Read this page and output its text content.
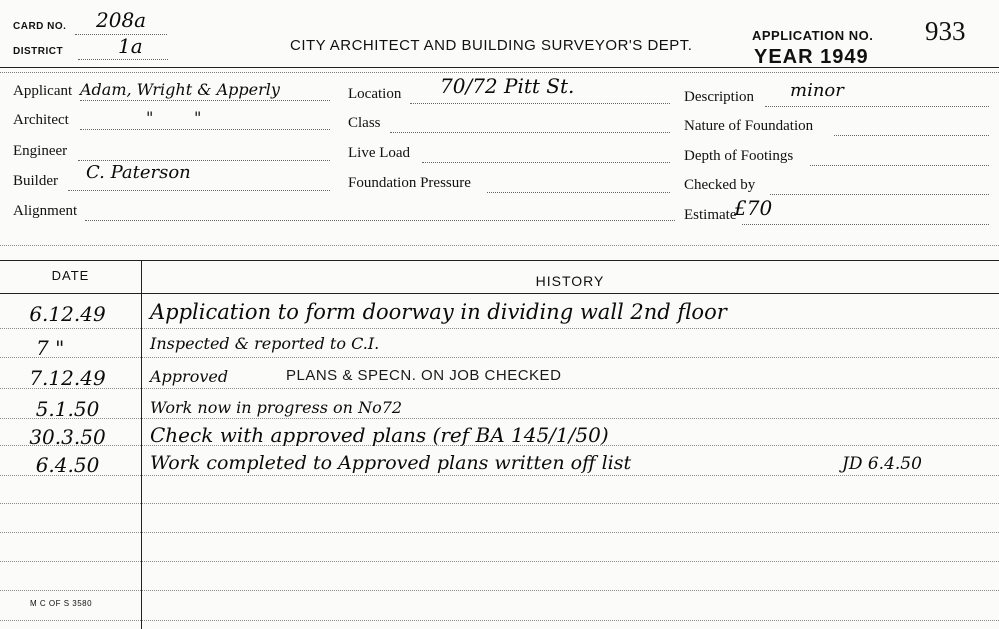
CARD NO. 208a
DISTRICT	1a	CITY ARCHITECT AND BUILDING SURVEYOR'S DEPT.
APPLICATION NO. 933
YEAR 1949
Applicant Adam, Wright & Apperly
Architect	"        "
Engineer
Builder C. Paterson
Alignment
Location 70/72 Pitt St.
Class
Live Load
Foundation Pressure
Description minor
Nature of Foundation
Depth of Footings
Checked by
Estimate
£70
DATE	HISTORY
6.12.49	Application to form doorway in dividing wall 2nd floor
7 "	Inspected & reported to C.I.
7.12.49	Approved	PLANS & SPECN. ON JOB CHECKED
5.1.50	Work now in progress on No72
30.3.50	Check with approved plans (ref BA 145/1/50)
6.4.50	Work completed to Approved plans written off list	JD 6.4.50
M C OF S 3580
